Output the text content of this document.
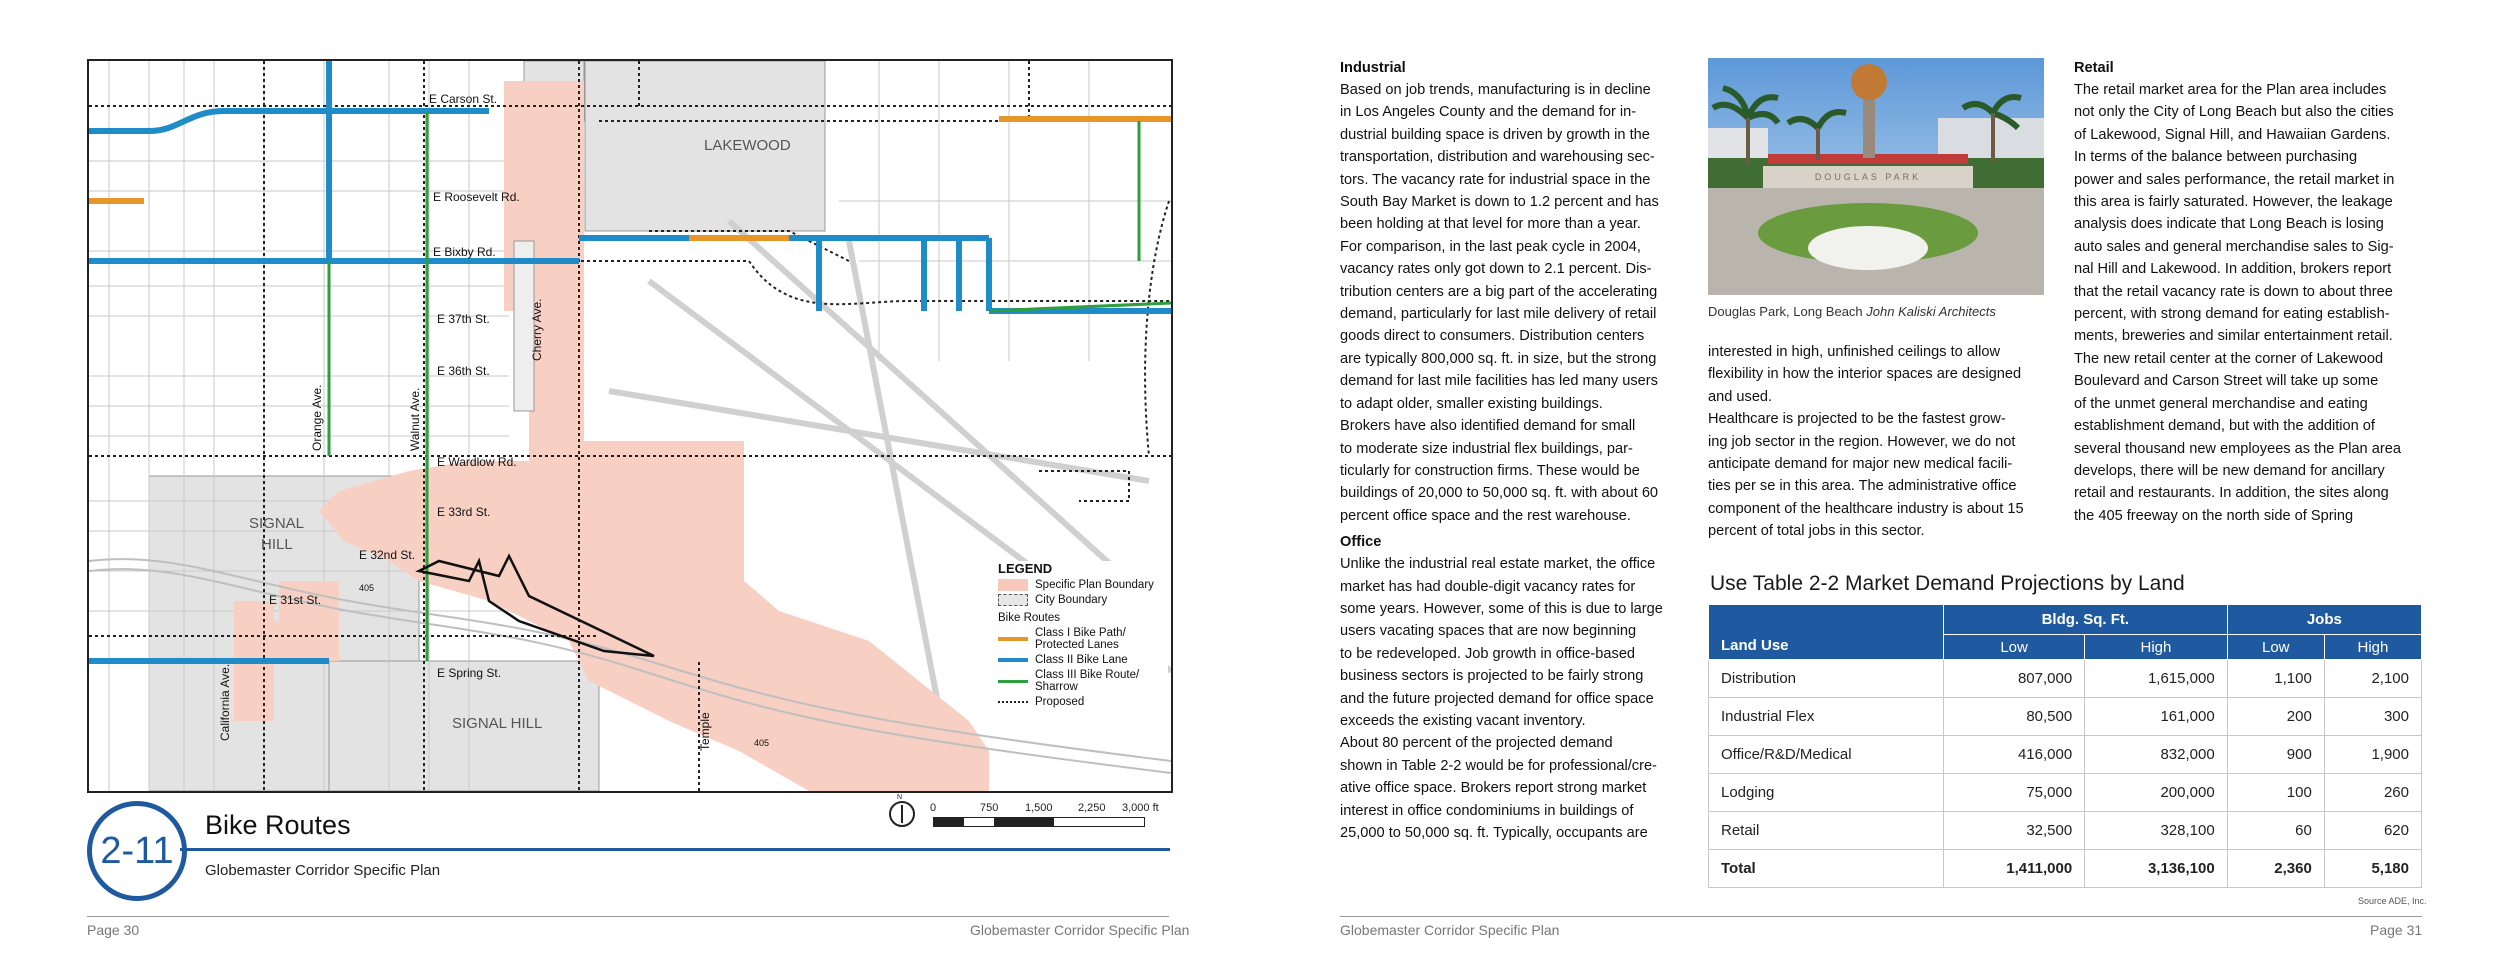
E Carson St.
E Roosevelt Rd.
E Bixby Rd.
E 37th St.
E 36th St.
E Wardlow Rd.
E 33rd St.
E 32nd St.
E 31st St.
E Spring St.
Cherry Ave.
Orange Ave.	Walnut Ave.
California Ave.	Temple
405
405
LAKEWOOD
SIGNAL
HILL
SIGNAL HILL
LEGEND
Specific Plan Boundary
City Boundary
Bike Routes
Class I Bike Path/
Protected Lanes
Class II Bike Lane
Class III Bike Route/
Sharrow
Proposed
N
0	750 1,500 2,250 3,000 ft
2-11
Bike Routes
Globemaster Corridor Specific Plan
Page 30	Globemaster Corridor Specific Plan	Globemaster Corridor Specific Plan	Page 31
Industrial
Based on job trends, manufacturing is in decline
in Los Angeles County and the demand for in-
dustrial building space is driven by growth in the
transportation, distribution and warehousing sec-
tors. The vacancy rate for industrial space in the
South Bay Market is down to 1.2 percent and has
been holding at that level for more than a year.
For comparison, in the last peak cycle in 2004,
vacancy rates only got down to 2.1 percent. Dis-
tribution centers are a big part of the accelerating
demand, particularly for last mile delivery of retail
goods direct to consumers. Distribution centers
are typically 800,000 sq. ft. in size, but the strong
demand for last mile facilities has led many users
to adapt older, smaller existing buildings.
Brokers have also identified demand for small
to moderate size industrial flex buildings, par-
ticularly for construction firms. These would be
buildings of 20,000 to 50,000 sq. ft. with about 60
percent office space and the rest warehouse.
Office
Unlike the industrial real estate market, the office
market has had double-digit vacancy rates for
some years. However, some of this is due to large
users vacating spaces that are now beginning
to be redeveloped. Job growth in office-based
business sectors is projected to be fairly strong
and the future projected demand for office space
exceeds the existing vacant inventory.
About 80 percent of the projected demand
shown in Table 2-2 would be for professional/cre-
ative office space. Brokers report strong market
interest in office condominiums in buildings of
25,000 to 50,000 sq. ft. Typically, occupants are
DOUGLAS PARK
Douglas Park, Long Beach John Kaliski Architects
interested in high, unfinished ceilings to allow
flexibility in how the interior spaces are designed
and used.
Healthcare is projected to be the fastest grow-
ing job sector in the region. However, we do not
anticipate demand for major new medical facili-
ties per se in this area. The administrative office
component of the healthcare industry is about 15
percent of total jobs in this sector.
Retail
The retail market area for the Plan area includes
not only the City of Long Beach but also the cities
of Lakewood, Signal Hill, and Hawaiian Gardens.
In terms of the balance between purchasing
power and sales performance, the retail market in
this area is fairly saturated. However, the leakage
analysis does indicate that Long Beach is losing
auto sales and general merchandise sales to Sig-
nal Hill and Lakewood. In addition, brokers report
that the retail vacancy rate is down to about three
percent, with strong demand for eating establish-
ments, breweries and similar entertainment retail.
The new retail center at the corner of Lakewood
Boulevard and Carson Street will take up some
of the unmet general merchandise and eating
establishment demand, but with the addition of
several thousand new employees as the Plan area
develops, there will be new demand for ancillary
retail and restaurants. In addition, the sites along
the 405 freeway on the north side of Spring
Use Table 2-2 Market Demand Projections by Land
Land Use	Bldg. Sq. Ft.		Jobs	
	Low	High	Low	High
Distribution	807,000	1,615,000	1,100	2,100
Industrial Flex	80,500	161,000	200	300
Office/R&D/Medical	416,000	832,000	900	1,900
Lodging	75,000	200,000	100	260
Retail	32,500	328,100	60	620
Total	1,411,000	3,136,100	2,360	5,180
Source ADE, Inc.
